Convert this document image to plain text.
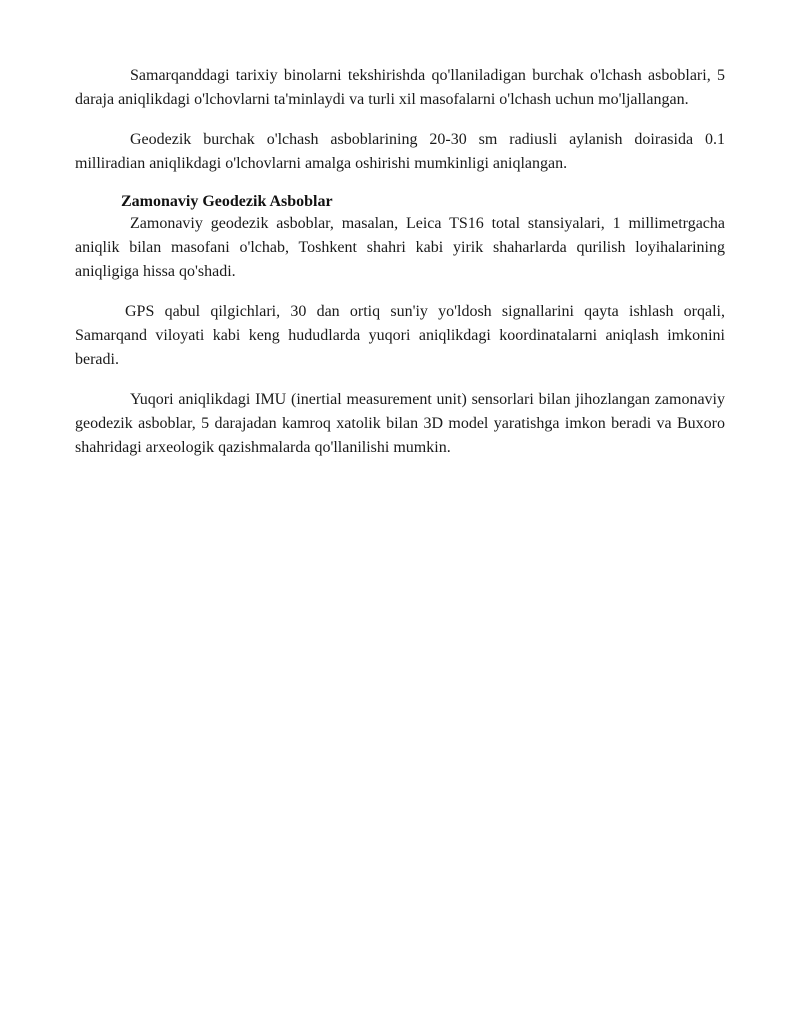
Samarqanddagi tarixiy binolarni tekshirishda qo'llaniladigan burchak o'lchash asboblari, 5 daraja aniqlikdagi o'lchovlarni ta'minlaydi va turli xil masofalarni o'lchash uchun mo'ljallangan.

Geodezik burchak o'lchash asboblarining 20-30 sm radiusli aylanish doirasida 0.1 milliradian aniqlikdagi o'lchovlarni amalga oshirishi mumkinligi aniqlangan.

Zamonaviy Geodezik Asboblar

Zamonaviy geodezik asboblar, masalan, Leica TS16 total stansiyalari, 1 millimetrgacha aniqlik bilan masofani o'lchab, Toshkent shahri kabi yirik shaharlarda qurilish loyihalarining aniqligiga hissa qo'shadi.

GPS qabul qilgichlari, 30 dan ortiq sun'iy yo'ldosh signallarini qayta ishlash orqali, Samarqand viloyati kabi keng hududlarda yuqori aniqlikdagi koordinatalarni aniqlash imkonini beradi.

Yuqori aniqlikdagi IMU (inertial measurement unit) sensorlari bilan jihozlangan zamonaviy geodezik asboblar, 5 darajadan kamroq xatolik bilan 3D model yaratishga imkon beradi va Buxoro shahridagi arxeologik qazishmalarda qo'llanilishi mumkin.
